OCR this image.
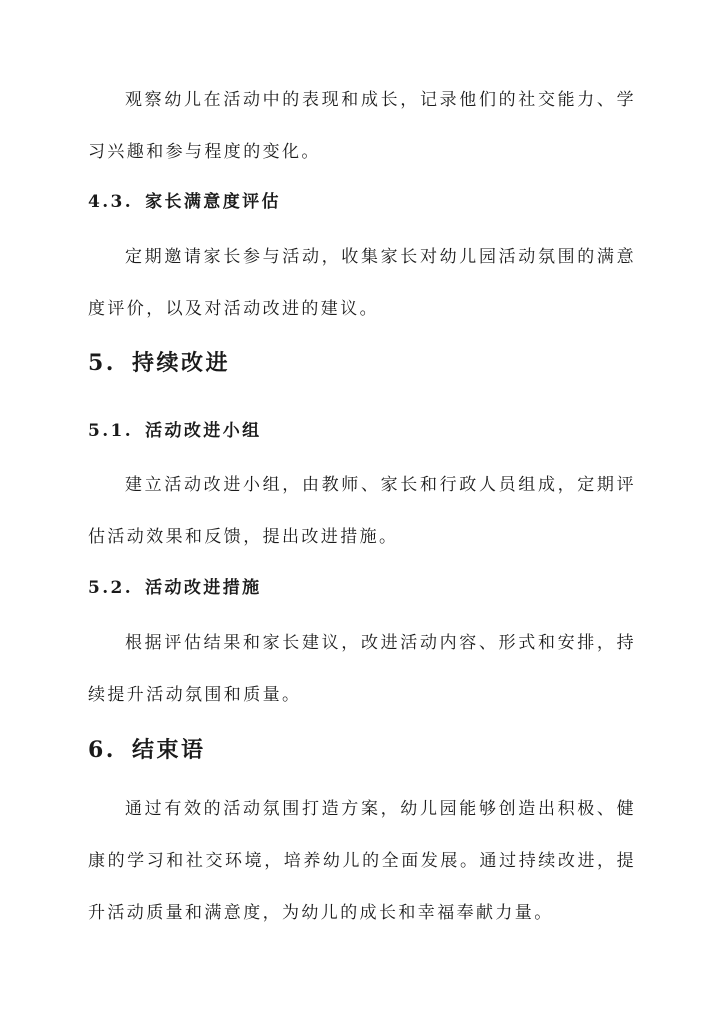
观察幼儿在活动中的表现和成长，记录他们的社交能力、学习兴趣和参与程度的变化。

4.3. 家长满意度评估

定期邀请家长参与活动，收集家长对幼儿园活动氛围的满意度评价，以及对活动改进的建议。

5. 持续改进
5.1. 活动改进小组

建立活动改进小组，由教师、家长和行政人员组成，定期评估活动效果和反馈，提出改进措施。

5.2. 活动改进措施

根据评估结果和家长建议，改进活动内容、形式和安排，持续提升活动氛围和质量。

6. 结束语

通过有效的活动氛围打造方案，幼儿园能够创造出积极、健康的学习和社交环境，培养幼儿的全面发展。通过持续改进，提升活动质量和满意度，为幼儿的成长和幸福奉献力量。
